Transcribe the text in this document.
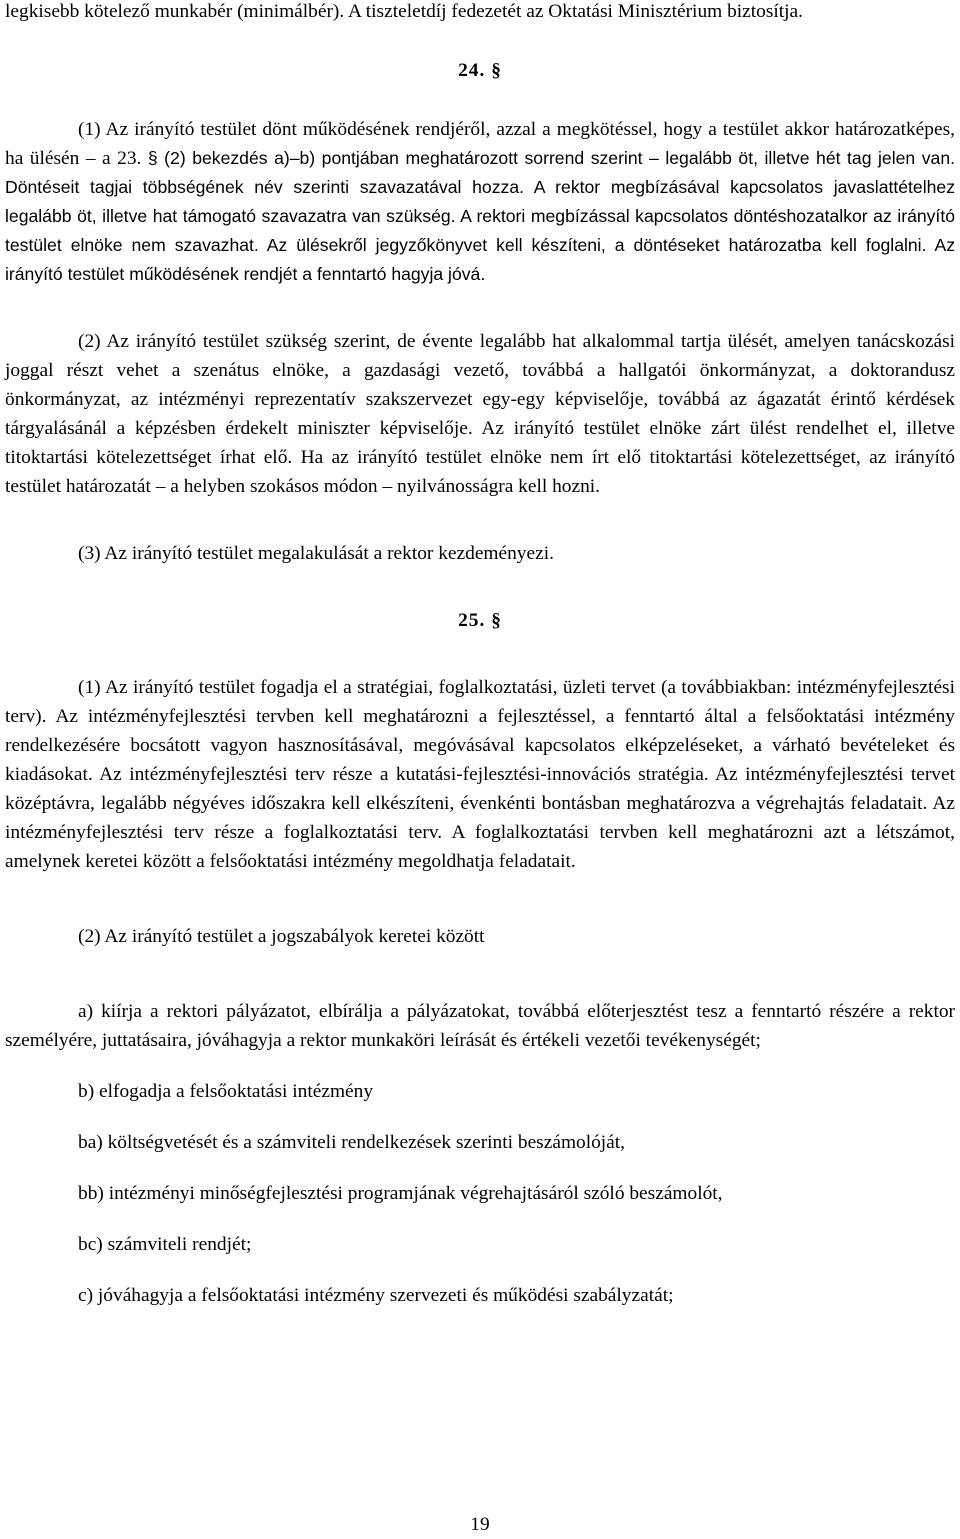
legkisebb kötelező munkabér (minimálbér). A tiszteletdíj fedezetét az Oktatási Minisztérium biztosítja.

24. §

(1) Az irányító testület dönt működésének rendjéről, azzal a megkötéssel, hogy a testület akkor határozatképes, ha ülésén – a 23. § (2) bekezdés a)–b) pontjában meghatározott sorrend szerint – legalább öt, illetve hét tag jelen van. Döntéseit tagjai többségének név szerinti szavazatával hozza. A rektor megbízásával kapcsolatos javaslattételhez legalább öt, illetve hat támogató szavazatra van szükség. A rektori megbízással kapcsolatos döntéshozatalkor az irányító testület elnöke nem szavazhat. Az ülésekről jegyzőkönyvet kell készíteni, a döntéseket határozatba kell foglalni. Az irányító testület működésének rendjét a fenntartó hagyja jóvá.

(2) Az irányító testület szükség szerint, de évente legalább hat alkalommal tartja ülését, amelyen tanácskozási joggal részt vehet a szenátus elnöke, a gazdasági vezető, továbbá a hallgatói önkormányzat, a doktorandusz önkormányzat, az intézményi reprezentatív szakszervezet egy-egy képviselője, továbbá az ágazatát érintő kérdések tárgyalásánál a képzésben érdekelt miniszter képviselője. Az irányító testület elnöke zárt ülést rendelhet el, illetve titoktartási kötelezettséget írhat elő. Ha az irányító testület elnöke nem írt elő titoktartási kötelezettséget, az irányító testület határozatát – a helyben szokásos módon – nyilvánosságra kell hozni.

(3) Az irányító testület megalakulását a rektor kezdeményezi.

25. §

(1) Az irányító testület fogadja el a stratégiai, foglalkoztatási, üzleti tervet (a továbbiakban: intézményfejlesztési terv). Az intézményfejlesztési tervben kell meghatározni a fejlesztéssel, a fenntartó által a felsőoktatási intézmény rendelkezésére bocsátott vagyon hasznosításával, megóvásával kapcsolatos elképzeléseket, a várható bevételeket és kiadásokat. Az intézményfejlesztési terv része a kutatási-fejlesztési-innovációs stratégia. Az intézményfejlesztési tervet középtávra, legalább négyéves időszakra kell elkészíteni, évenkénti bontásban meghatározva a végrehajtás feladatait. Az intézményfejlesztési terv része a foglalkoztatási terv. A foglalkoztatási tervben kell meghatározni azt a létszámot, amelynek keretei között a felsőoktatási intézmény megoldhatja feladatait.

(2) Az irányító testület a jogszabályok keretei között

a) kiírja a rektori pályázatot, elbírálja a pályázatokat, továbbá előterjesztést tesz a fenntartó részére a rektor személyére, juttatásaira, jóváhagyja a rektor munkaköri leírását és értékeli vezetői tevékenységét;

b) elfogadja a felsőoktatási intézmény

ba) költségvetését és a számviteli rendelkezések szerinti beszámolóját,

bb) intézményi minőségfejlesztési programjának végrehajtásáról szóló beszámolót,

bc) számviteli rendjét;

c) jóváhagyja a felsőoktatási intézmény szervezeti és működési szabályzatát;

19
